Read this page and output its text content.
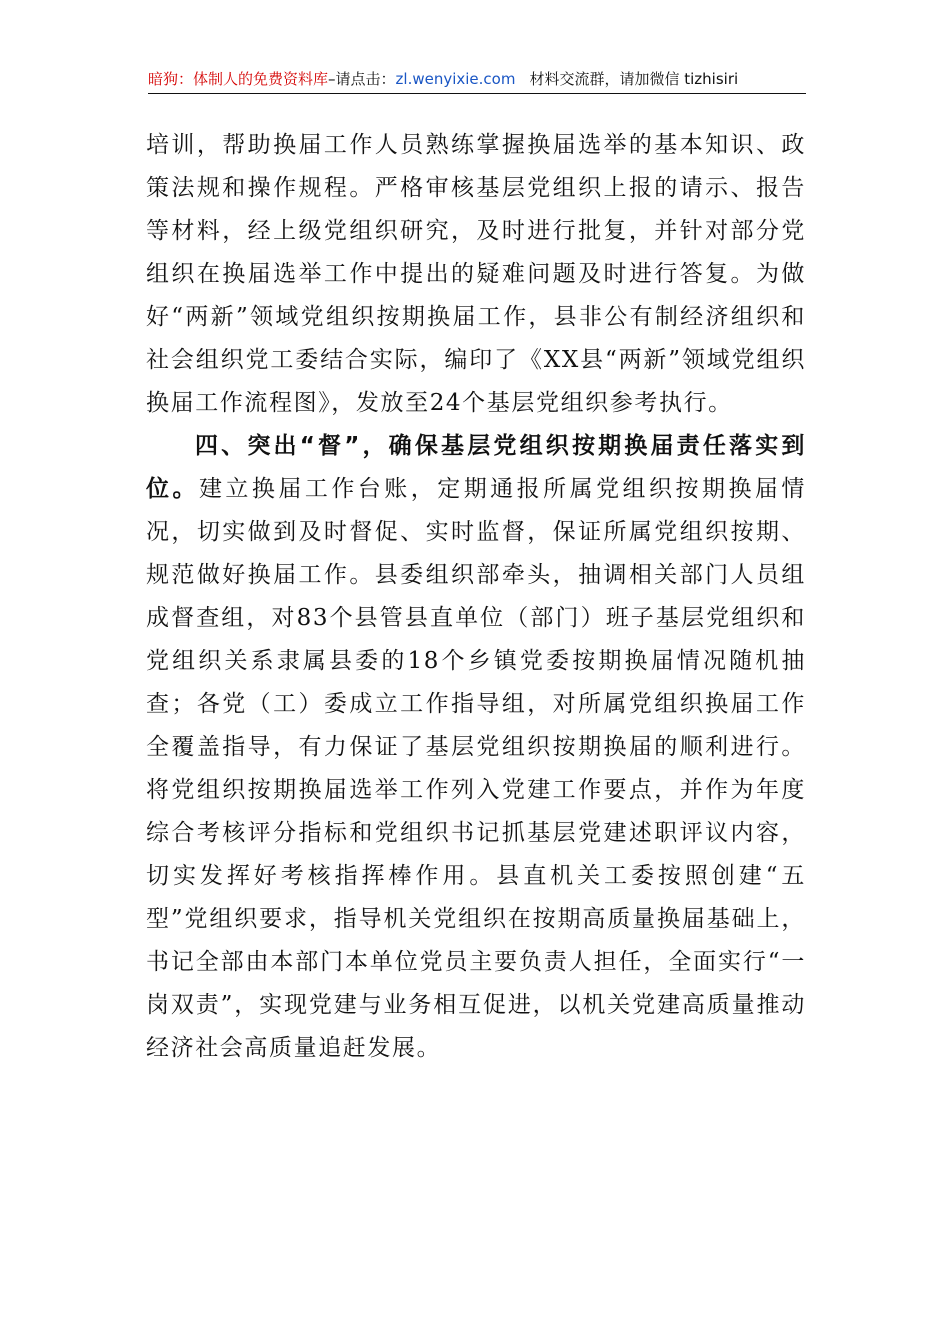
暗狗：体制人的免费资料库–请点击：zl.wenyixie.com 材料交流群，请加微信 tizhisiri

培训，帮助换届工作人员熟练掌握换届选举的基本知识、政策法规和操作规程。严格审核基层党组织上报的请示、报告等材料，经上级党组织研究，及时进行批复，并针对部分党组织在换届选举工作中提出的疑难问题及时进行答复。为做好“两新”领域党组织按期换届工作，县非公有制经济组织和社会组织党工委结合实际，编印了《XX县“两新”领域党组织换届工作流程图》，发放至24个基层党组织参考执行。

四、突出“督”，确保基层党组织按期换届责任落实到位。建立换届工作台账，定期通报所属党组织按期换届情况，切实做到及时督促、实时监督，保证所属党组织按期、规范做好换届工作。县委组织部牵头，抽调相关部门人员组成督查组，对83个县管县直单位（部门）班子基层党组织和党组织关系隶属县委的18个乡镇党委按期换届情况随机抽查；各党（工）委成立工作指导组，对所属党组织换届工作全覆盖指导，有力保证了基层党组织按期换届的顺利进行。将党组织按期换届选举工作列入党建工作要点，并作为年度综合考核评分指标和党组织书记抓基层党建述职评议内容，切实发挥好考核指挥棒作用。县直机关工委按照创建“五型”党组织要求，指导机关党组织在按期高质量换届基础上，书记全部由本部门本单位党员主要负责人担任，全面实行“一岗双责”，实现党建与业务相互促进，以机关党建高质量推动经济社会高质量追赶发展。
